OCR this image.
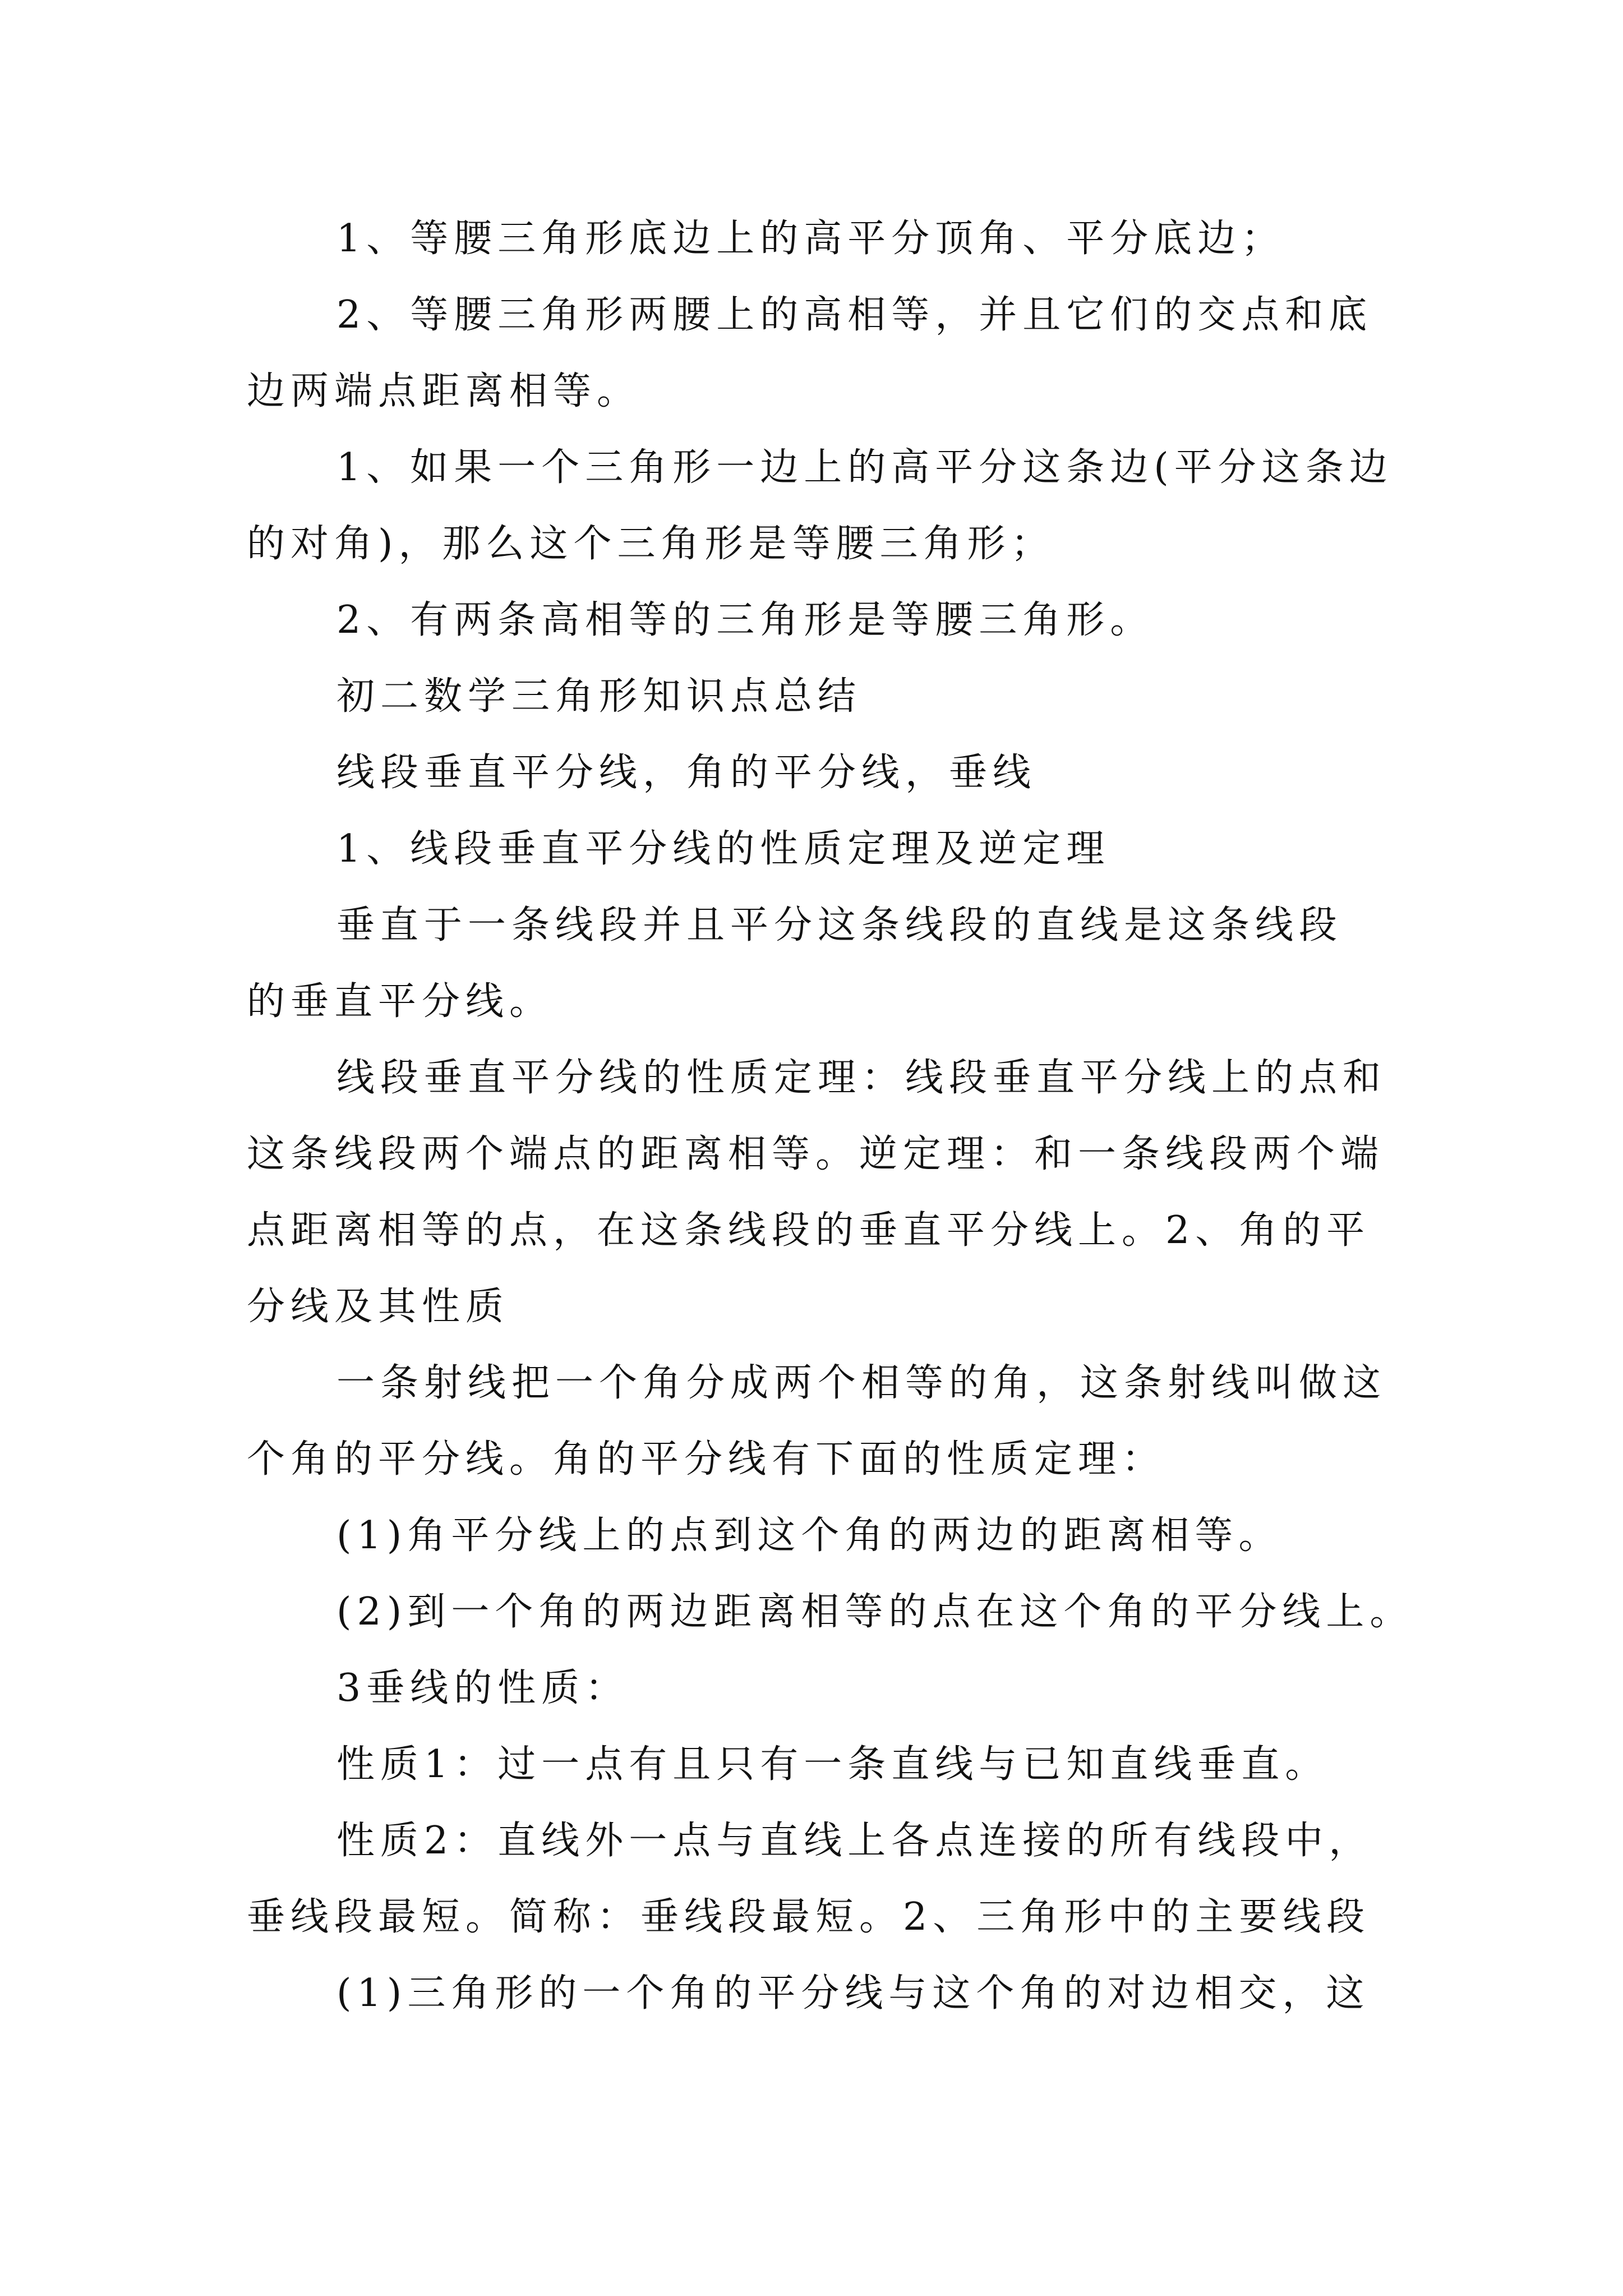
1、等腰三角形底边上的高平分顶角、平分底边；
2、等腰三角形两腰上的高相等，并且它们的交点和底
边两端点距离相等。
1、如果一个三角形一边上的高平分这条边(平分这条边
的对角)，那么这个三角形是等腰三角形；
2、有两条高相等的三角形是等腰三角形。
初二数学三角形知识点总结
线段垂直平分线，角的平分线，垂线
1、线段垂直平分线的性质定理及逆定理
垂直于一条线段并且平分这条线段的直线是这条线段
的垂直平分线。
线段垂直平分线的性质定理：线段垂直平分线上的点和
这条线段两个端点的距离相等。逆定理：和一条线段两个端
点距离相等的点，在这条线段的垂直平分线上。2、角的平
分线及其性质
一条射线把一个角分成两个相等的角，这条射线叫做这
个角的平分线。角的平分线有下面的性质定理：
(1)角平分线上的点到这个角的两边的距离相等。
(2)到一个角的两边距离相等的点在这个角的平分线上。
3垂线的性质：
性质1：过一点有且只有一条直线与已知直线垂直。
性质2：直线外一点与直线上各点连接的所有线段中，
垂线段最短。简称：垂线段最短。2、三角形中的主要线段
(1)三角形的一个角的平分线与这个角的对边相交，这
